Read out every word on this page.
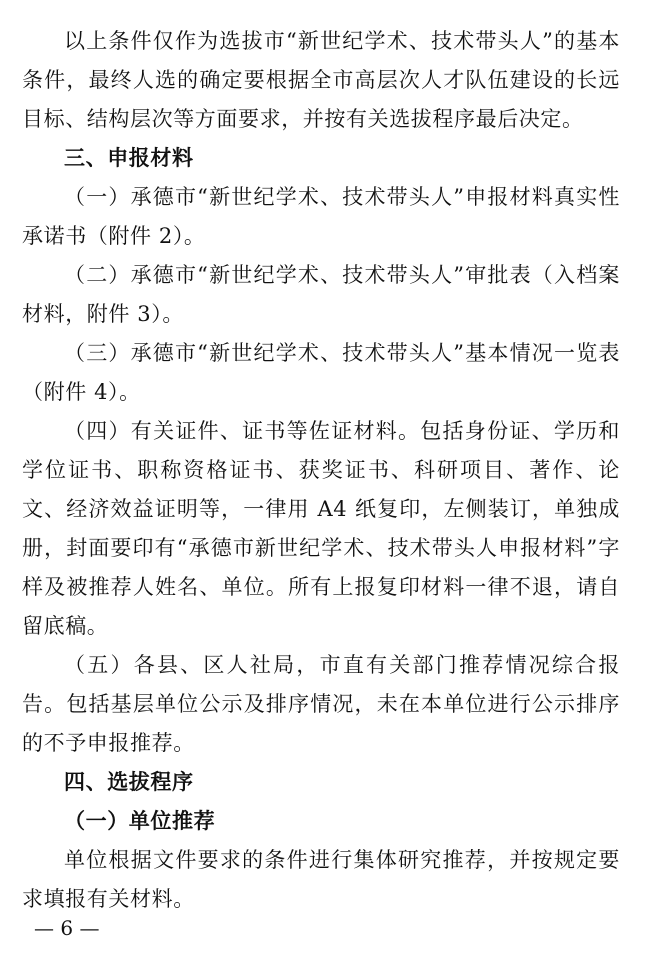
以上条件仅作为选拔市“新世纪学术、技术带头人”的基本条件，最终人选的确定要根据全市高层次人才队伍建设的长远目标、结构层次等方面要求，并按有关选拔程序最后决定。

三、申报材料

（一）承德市“新世纪学术、技术带头人”申报材料真实性承诺书（附件 2）。

（二）承德市“新世纪学术、技术带头人”审批表（入档案材料，附件 3）。

（三）承德市“新世纪学术、技术带头人”基本情况一览表（附件 4）。

（四）有关证件、证书等佐证材料。包括身份证、学历和学位证书、职称资格证书、获奖证书、科研项目、著作、论文、经济效益证明等，一律用 A4 纸复印，左侧装订，单独成册，封面要印有“承德市新世纪学术、技术带头人申报材料”字样及被推荐人姓名、单位。所有上报复印材料一律不退，请自留底稿。

（五）各县、区人社局，市直有关部门推荐情况综合报告。包括基层单位公示及排序情况，未在本单位进行公示排序的不予申报推荐。

四、选拔程序

（一）单位推荐

单位根据文件要求的条件进行集体研究推荐，并按规定要求填报有关材料。

— 6 —
